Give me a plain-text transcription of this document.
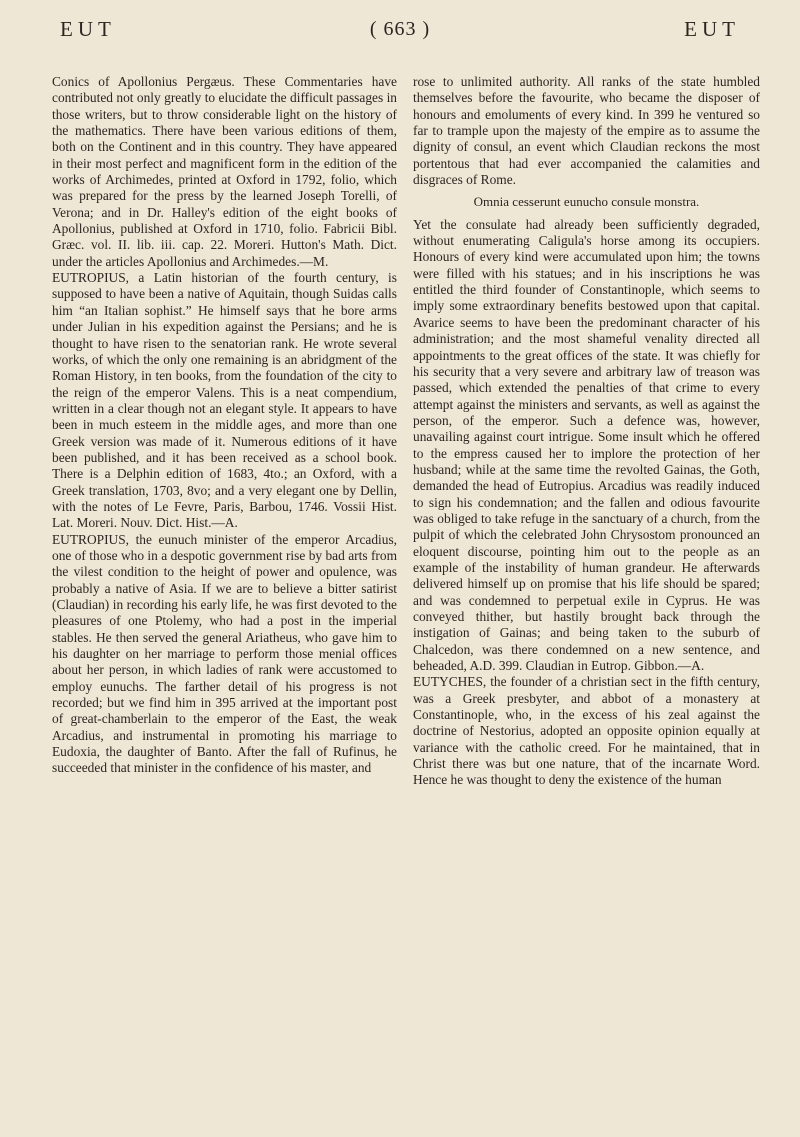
EUT	( 663 )	EUT

Conics of Apollonius Pergæus. These Commentaries have contributed not only greatly to elucidate the difficult passages in those writers, but to throw considerable light on the history of the mathematics. There have been various editions of them, both on the Continent and in this country. They have appeared in their most perfect and magnificent form in the edition of the works of Archimedes, printed at Oxford in 1792, folio, which was prepared for the press by the learned Joseph Torelli, of Verona; and in Dr. Halley's edition of the eight books of Apollonius, published at Oxford in 1710, folio. Fabricii Bibl. Græc. vol. II. lib. iii. cap. 22. Moreri. Hutton's Math. Dict. under the articles Apollonius and Archimedes.—M.

EUTROPIUS, a Latin historian of the fourth century, is supposed to have been a native of Aquitain, though Suidas calls him “an Italian sophist.” He himself says that he bore arms under Julian in his expedition against the Persians; and he is thought to have risen to the senatorian rank. He wrote several works, of which the only one remaining is an abridgment of the Roman History, in ten books, from the foundation of the city to the reign of the emperor Valens. This is a neat compendium, written in a clear though not an elegant style. It appears to have been in much esteem in the middle ages, and more than one Greek version was made of it. Numerous editions of it have been published, and it has been received as a school book. There is a Delphin edition of 1683, 4to.; an Oxford, with a Greek translation, 1703, 8vo; and a very elegant one by Dellin, with the notes of Le Fevre, Paris, Barbou, 1746. Vossii Hist. Lat. Moreri. Nouv. Dict. Hist.—A.

EUTROPIUS, the eunuch minister of the emperor Arcadius, one of those who in a despotic government rise by bad arts from the vilest condition to the height of power and opulence, was probably a native of Asia. If we are to believe a bitter satirist (Claudian) in recording his early life, he was first devoted to the pleasures of one Ptolemy, who had a post in the imperial stables. He then served the general Ariatheus, who gave him to his daughter on her marriage to perform those menial offices about her person, in which ladies of rank were accustomed to employ eunuchs. The farther detail of his progress is not recorded; but we find him in 395 arrived at the important post of great-chamberlain to the emperor of the East, the weak Arcadius, and instrumental in promoting his marriage to Eudoxia, the daughter of Banto. After the fall of Rufinus, he succeeded that minister in the confidence of his master, and

rose to unlimited authority. All ranks of the state humbled themselves before the favourite, who became the disposer of honours and emoluments of every kind. In 399 he ventured so far to trample upon the majesty of the empire as to assume the dignity of consul, an event which Claudian reckons the most portentous that had ever accompanied the calamities and disgraces of Rome.

Omnia cesserunt eunucho consule monstra.

Yet the consulate had already been sufficiently degraded, without enumerating Caligula's horse among its occupiers. Honours of every kind were accumulated upon him; the towns were filled with his statues; and in his inscriptions he was entitled the third founder of Constantinople, which seems to imply some extraordinary benefits bestowed upon that capital. Avarice seems to have been the predominant character of his administration; and the most shameful venality directed all appointments to the great offices of the state. It was chiefly for his security that a very severe and arbitrary law of treason was passed, which extended the penalties of that crime to every attempt against the ministers and servants, as well as against the person, of the emperor. Such a defence was, however, unavailing against court intrigue. Some insult which he offered to the empress caused her to implore the protection of her husband; while at the same time the revolted Gainas, the Goth, demanded the head of Eutropius. Arcadius was readily induced to sign his condemnation; and the fallen and odious favourite was obliged to take refuge in the sanctuary of a church, from the pulpit of which the celebrated John Chrysostom pronounced an eloquent discourse, pointing him out to the people as an example of the instability of human grandeur. He afterwards delivered himself up on promise that his life should be spared; and was condemned to perpetual exile in Cyprus. He was conveyed thither, but hastily brought back through the instigation of Gainas; and being taken to the suburb of Chalcedon, was there condemned on a new sentence, and beheaded, A.D. 399. Claudian in Eutrop. Gibbon.—A.

EUTYCHES, the founder of a christian sect in the fifth century, was a Greek presbyter, and abbot of a monastery at Constantinople, who, in the excess of his zeal against the doctrine of Nestorius, adopted an opposite opinion equally at variance with the catholic creed. For he maintained, that in Christ there was but one nature, that of the incarnate Word. Hence he was thought to deny the existence of the human
